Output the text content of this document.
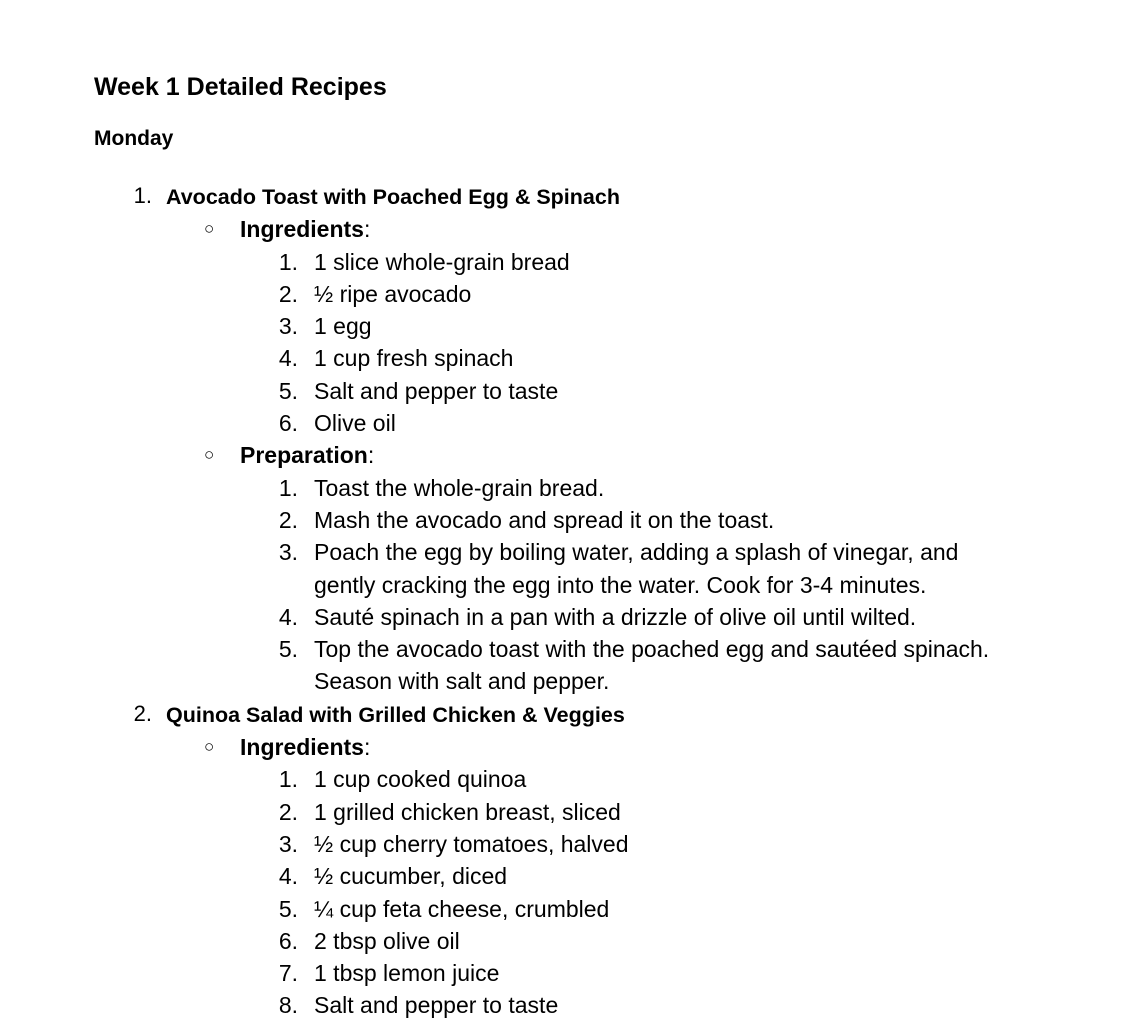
Week 1 Detailed Recipes
Monday
1. Avocado Toast with Poached Egg & Spinach
○ Ingredients:
1. 1 slice whole-grain bread
2. ½ ripe avocado
3. 1 egg
4. 1 cup fresh spinach
5. Salt and pepper to taste
6. Olive oil
○ Preparation:
1. Toast the whole-grain bread.
2. Mash the avocado and spread it on the toast.
3. Poach the egg by boiling water, adding a splash of vinegar, and
gently cracking the egg into the water. Cook for 3-4 minutes.
4. Sauté spinach in a pan with a drizzle of olive oil until wilted.
5. Top the avocado toast with the poached egg and sautéed spinach.
Season with salt and pepper.
2. Quinoa Salad with Grilled Chicken & Veggies
○ Ingredients:
1. 1 cup cooked quinoa
2. 1 grilled chicken breast, sliced
3. ½ cup cherry tomatoes, halved
4. ½ cucumber, diced
5. ¼ cup feta cheese, crumbled
6. 2 tbsp olive oil
7. 1 tbsp lemon juice
8. Salt and pepper to taste
